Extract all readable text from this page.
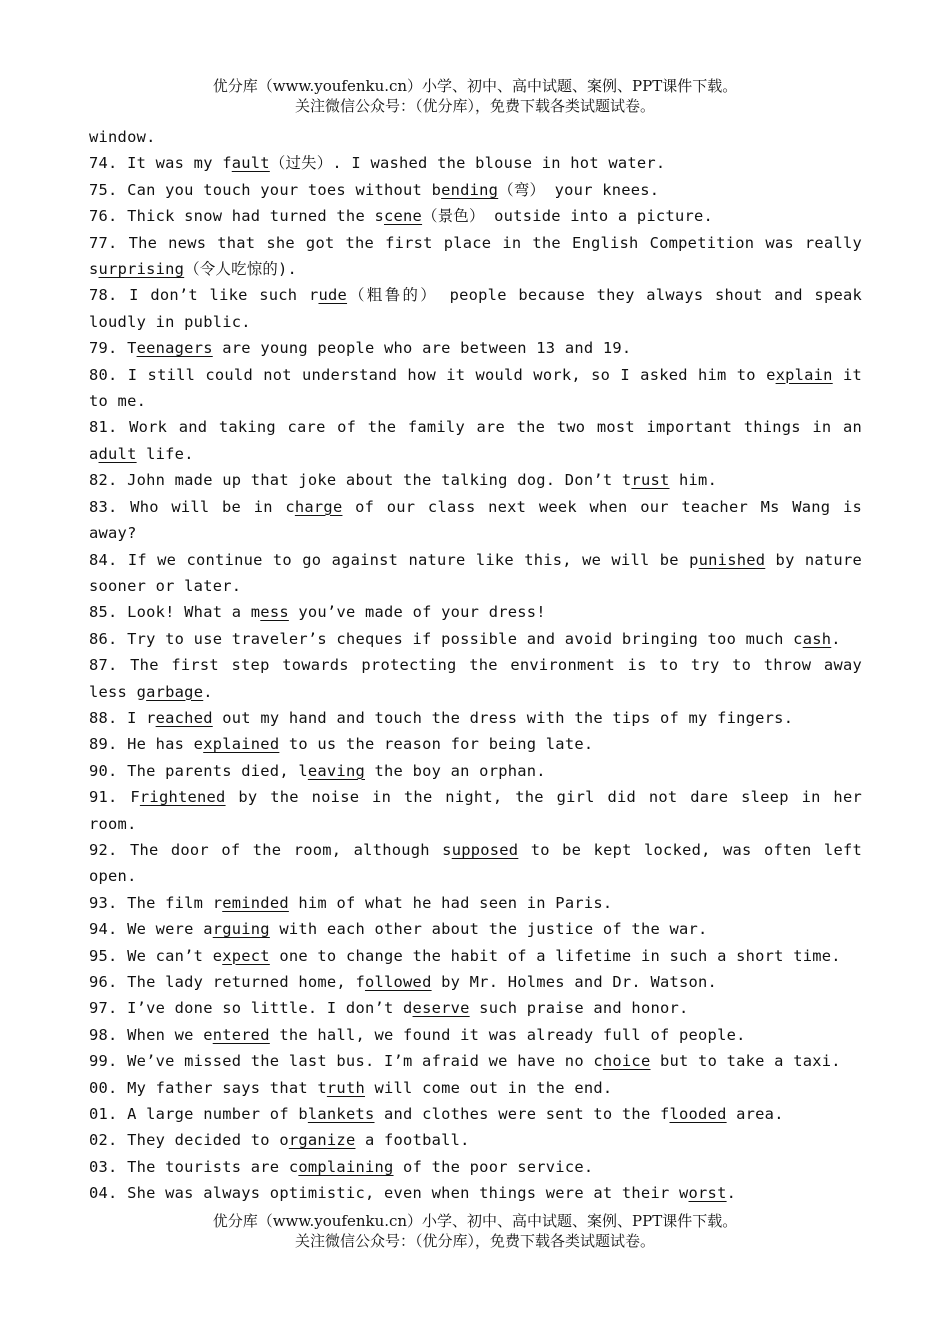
优分库（www.youfenku.cn）小学、初中、高中试题、案例、PPT课件下载。
关注微信公众号：（优分库），免费下载各类试题试卷。

window.

74. It was my fault（过失）. I washed the blouse in hot water.

75. Can you touch your toes without bending（弯） your knees.

76. Thick snow had turned the scene（景色） outside into a picture.

77. The news that she got the first place in the English Competition was really surprising（令人吃惊的).

78. I don’t like such rude（粗鲁的） people because they always shout and speak loudly in public.

79. Teenagers are young people who are between 13 and 19.

80. I still could not understand how it would work, so I asked him to explain it to me.

81. Work and taking care of the family are the two most important things in an adult life.

82. John made up that joke about the talking dog. Don’t trust him.

83. Who will be in charge of our class next week when our teacher Ms Wang is away?

84. If we continue to go against nature like this, we will be punished by nature sooner or later.

85. Look! What a mess you’ve made of your dress!

86. Try to use traveler’s cheques if possible and avoid bringing too much cash.

87. The first step towards protecting the environment is to try to throw away less garbage.

88. I reached out my hand and touch the dress with the tips of my fingers.

89. He has explained to us the reason for being late.

90. The parents died, leaving the boy an orphan.

91. Frightened by the noise in the night, the girl did not dare sleep in her room.

92. The door of the room, although supposed to be kept locked, was often left open.

93. The film reminded him of what he had seen in Paris.

94. We were arguing with each other about the justice of the war.

95. We can’t expect one to change the habit of a lifetime in such a short time.

96. The lady returned home, followed by Mr. Holmes and Dr. Watson.

97. I’ve done so little. I don’t deserve such praise and honor.

98. When we entered the hall, we found it was already full of people.

99. We’ve missed the last bus. I’m afraid we have no choice but to take a taxi.

00. My father says that truth will come out in the end.

01. A large number of blankets and clothes were sent to the flooded area.

02. They decided to organize a football.

03. The tourists are complaining of the poor service.

04. She was always optimistic, even when things were at their worst.

优分库（www.youfenku.cn）小学、初中、高中试题、案例、PPT课件下载。
关注微信公众号：（优分库），免费下载各类试题试卷。
